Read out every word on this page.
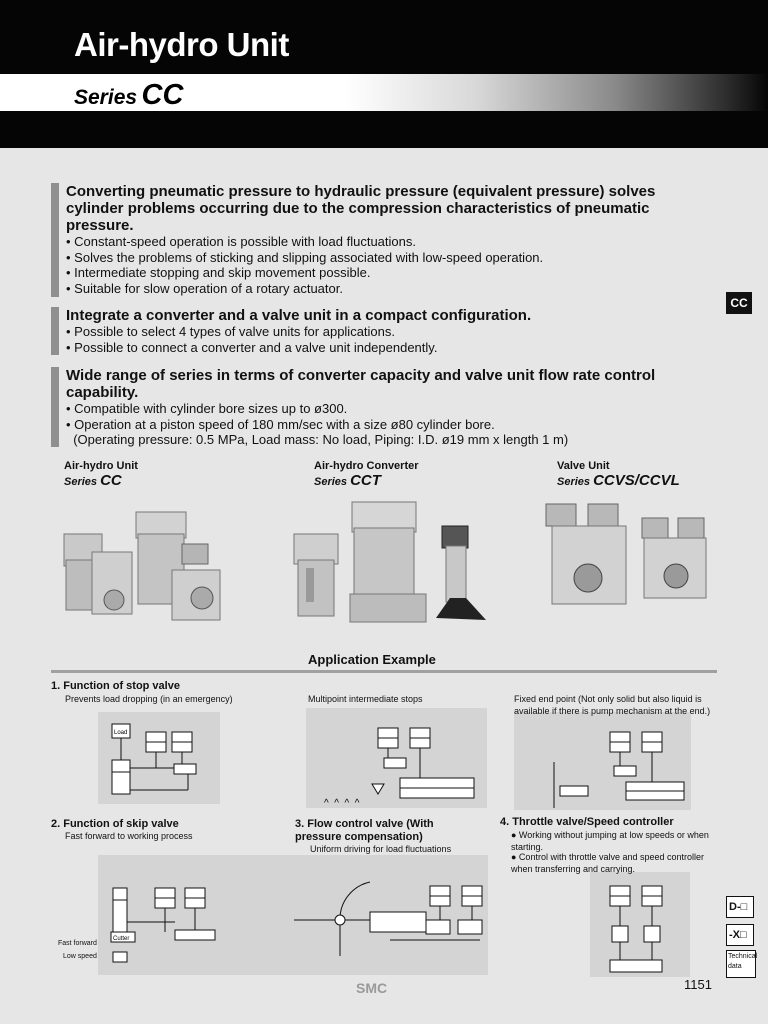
Air-hydro Unit
Series CC
CC
Converting pneumatic pressure to hydraulic pressure (equivalent pressure) solves cylinder problems occurring due to the compression characteristics of pneumatic pressure.
• Constant-speed operation is possible with load fluctuations.
• Solves the problems of sticking and slipping associated with low-speed operation.
• Intermediate stopping and skip movement possible.
• Suitable for slow operation of a rotary actuator.
Integrate a converter and a valve unit in a compact configuration.
• Possible to select 4 types of valve units for applications.
• Possible to connect a converter and a valve unit independently.
Wide range of series in terms of converter capacity and valve unit flow rate control capability.
• Compatible with cylinder bore sizes up to ø300.
• Operation at a piston speed of 180 mm/sec with a size ø80 cylinder bore.
(Operating pressure: 0.5 MPa, Load mass: No load, Piping: I.D. ø19 mm x length 1 m)
Air-hydro Unit
Series CC
Air-hydro Converter
Series CCT
Valve Unit
Series CCVS/CCVL
Application Example
1. Function of stop valve
Prevents load dropping (in an emergency)	Multipoint intermediate stops	Fixed end point (Not only solid but also liquid is available if there is pump mechanism at the end.)
2. Function of skip valve
Fast forward to working process
3. Flow control valve (With pressure compensation)
Uniform driving for load fluctuations
4. Throttle valve/Speed controller
● Working without jumping at low speeds or when starting.
● Control with throttle valve and speed controller when transferring and carrying.
Load
^  ^  ^  ^
Cutter
Fast forward
Low speed
D-□
-X□
Technical data
SMC	1151
